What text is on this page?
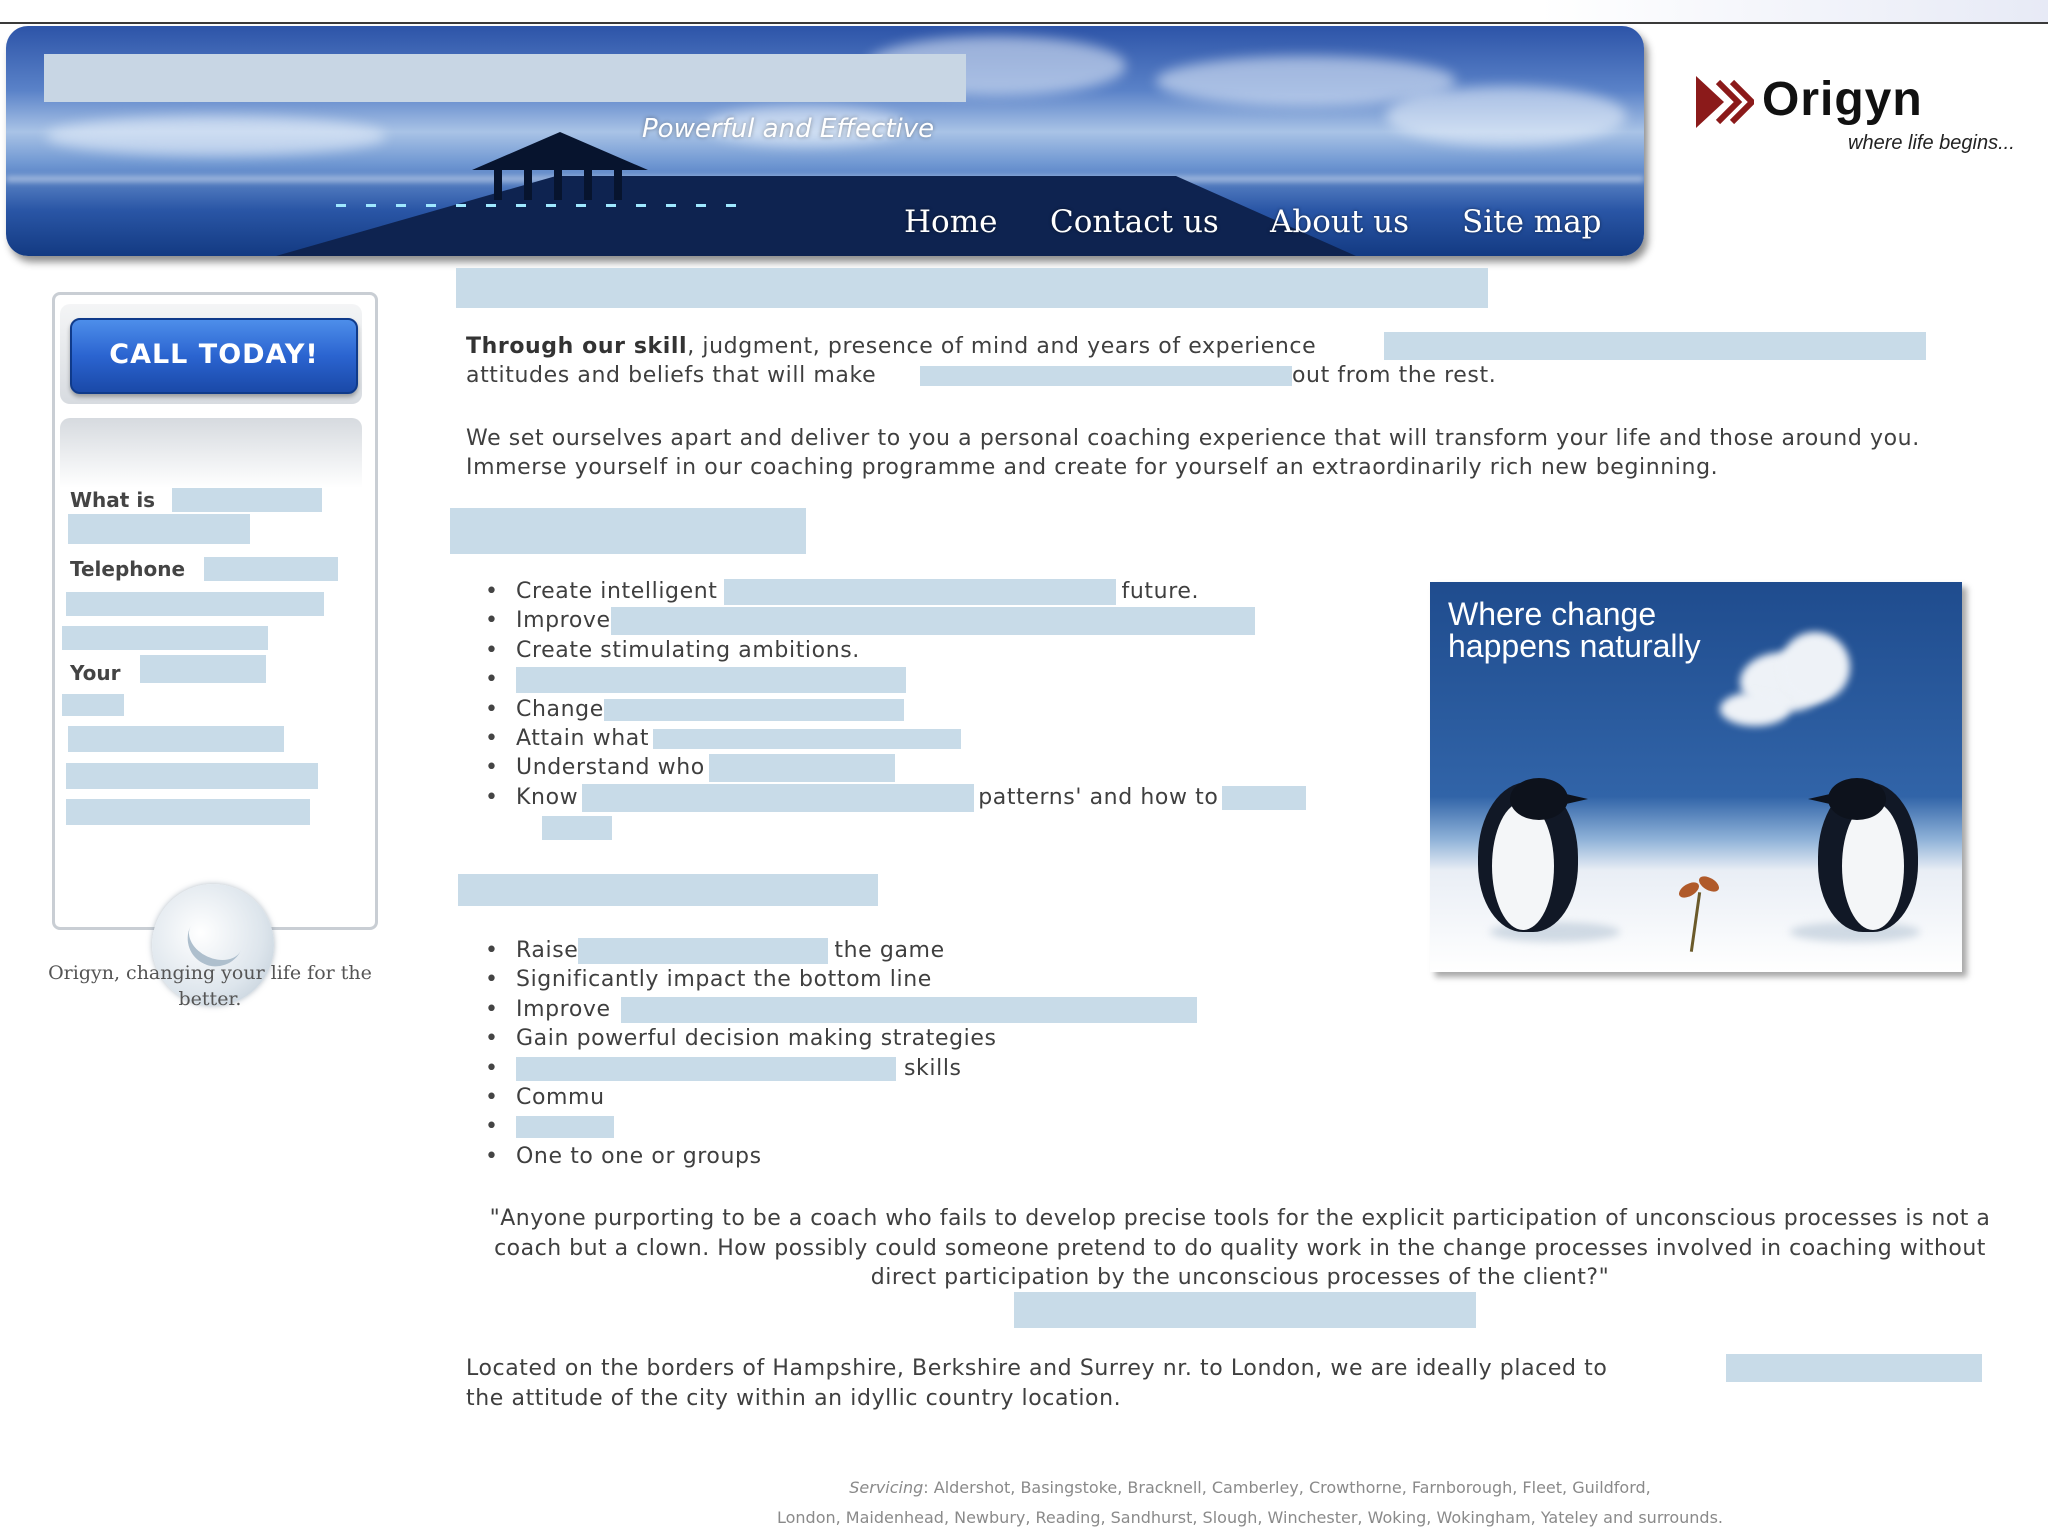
Powerful and Effective
Home Contact us About us Site map
Origyn
where life begins...
CALL TODAY!
What is
Telephone
Your
Origyn, changing your life for the better.
Through our skill, judgment, presence of mind and years of experience
attitudes and beliefs that will make	out from the rest.
We set ourselves apart and deliver to you a personal coaching experience that will transform your life and those around you. Immerse yourself in our coaching programme and create for yourself an extraordinarily rich new beginning.
• Create intelligent	future.
• Improve
• Create stimulating ambitions.
•
• Change
• Attain what
• Understand who
• Know	patterns' and how to
• Raise	the game
• Significantly impact the bottom line
• Improve
• Gain powerful decision making strategies
• skills
• Commu
•
• One to one or groups
Where change
happens naturally
"Anyone purporting to be a coach who fails to develop precise tools for the explicit participation of unconscious processes is not a coach but a clown. How possibly could someone pretend to do quality work in the change processes involved in coaching without direct participation by the unconscious processes of the client?"
Located on the borders of Hampshire, Berkshire and Surrey nr. to London, we are ideally placed to
the attitude of the city within an idyllic country location.
Servicing: Aldershot, Basingstoke, Bracknell, Camberley, Crowthorne, Farnborough, Fleet, Guildford,
London, Maidenhead, Newbury, Reading, Sandhurst, Slough, Winchester, Woking, Wokingham, Yateley and surrounds.
